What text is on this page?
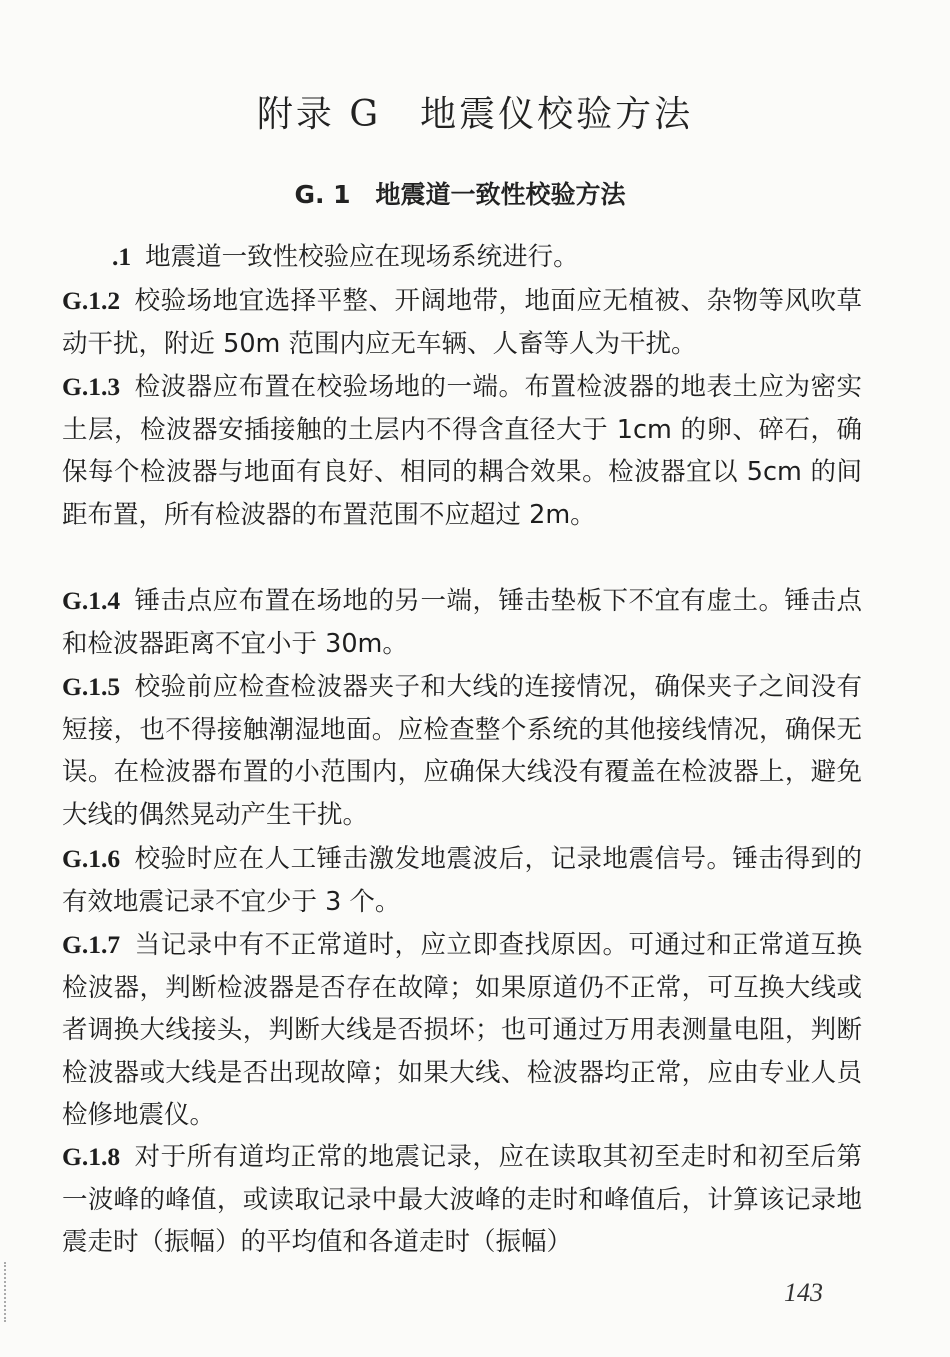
附录 G　地震仪校验方法
G. 1　地震道一致性校验方法
.1 地震道一致性校验应在现场系统进行。
G.1.2 校验场地宜选择平整、开阔地带，地面应无植被、杂物等风吹草动干扰，附近 50m 范围内应无车辆、人畜等人为干扰。
G.1.3 检波器应布置在校验场地的一端。布置检波器的地表土应为密实土层，检波器安插接触的土层内不得含直径大于 1cm 的卵、碎石，确保每个检波器与地面有良好、相同的耦合效果。检波器宜以 5cm 的间距布置，所有检波器的布置范围不应超过 2m。
G.1.4 锤击点应布置在场地的另一端，锤击垫板下不宜有虚土。锤击点和检波器距离不宜小于 30m。
G.1.5 校验前应检查检波器夹子和大线的连接情况，确保夹子之间没有短接，也不得接触潮湿地面。应检查整个系统的其他接线情况，确保无误。在检波器布置的小范围内，应确保大线没有覆盖在检波器上，避免大线的偶然晃动产生干扰。
G.1.6 校验时应在人工锤击激发地震波后，记录地震信号。锤击得到的有效地震记录不宜少于 3 个。
G.1.7 当记录中有不正常道时，应立即查找原因。可通过和正常道互换检波器，判断检波器是否存在故障；如果原道仍不正常，可互换大线或者调换大线接头，判断大线是否损坏；也可通过万用表测量电阻，判断检波器或大线是否出现故障；如果大线、检波器均正常，应由专业人员检修地震仪。
G.1.8 对于所有道均正常的地震记录，应在读取其初至走时和初至后第一波峰的峰值，或读取记录中最大波峰的走时和峰值后，计算该记录地震走时（振幅）的平均值和各道走时（振幅）
143
